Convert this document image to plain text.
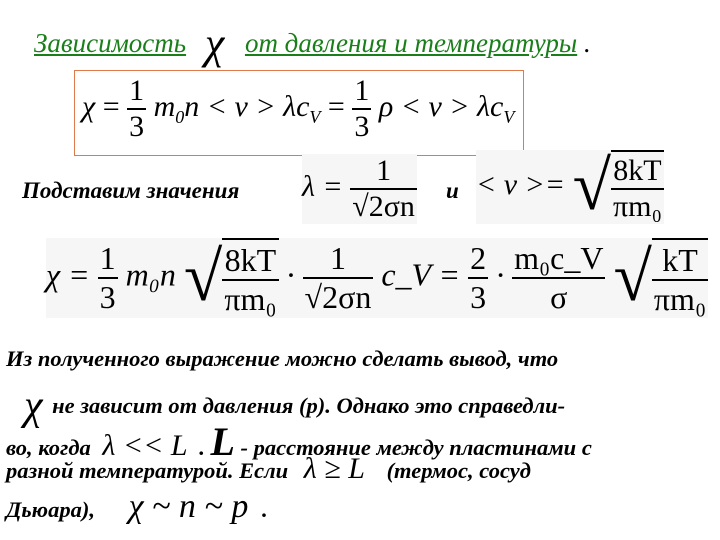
Зависимость χ от давления и температуры .
$\chi = \frac{1}{3} m_0n < v > \lambda c_V = \frac{1}{3}$ $\rho < v > \lambda c_V$
Подставим значения $\lambda = \frac{1}{√2\sigma n}$ и < v >= √ $\frac{8kT}{\text{πm₀}}$
$\chi = \frac{1}{3} m_0n$ √ $\frac{8kT}{\text{πm₀}} \cdot \frac{1}{√2\sigma n}$ c_V = $\frac{2}{3} \cdot \frac{\text{m₀c\_V}}{\sigma}$ √ $\frac{kT}{\text{πm₀}}$
Из полученного выражение можно сделать вывод, что
χ не зависит от давления (р). Однако это справедли-
во, когда λ << L . L - расстояние между пластинами с
разной температурой. Если λ ≥ L (термос, сосуд
Дьюара), χ ~ n ~ p .
